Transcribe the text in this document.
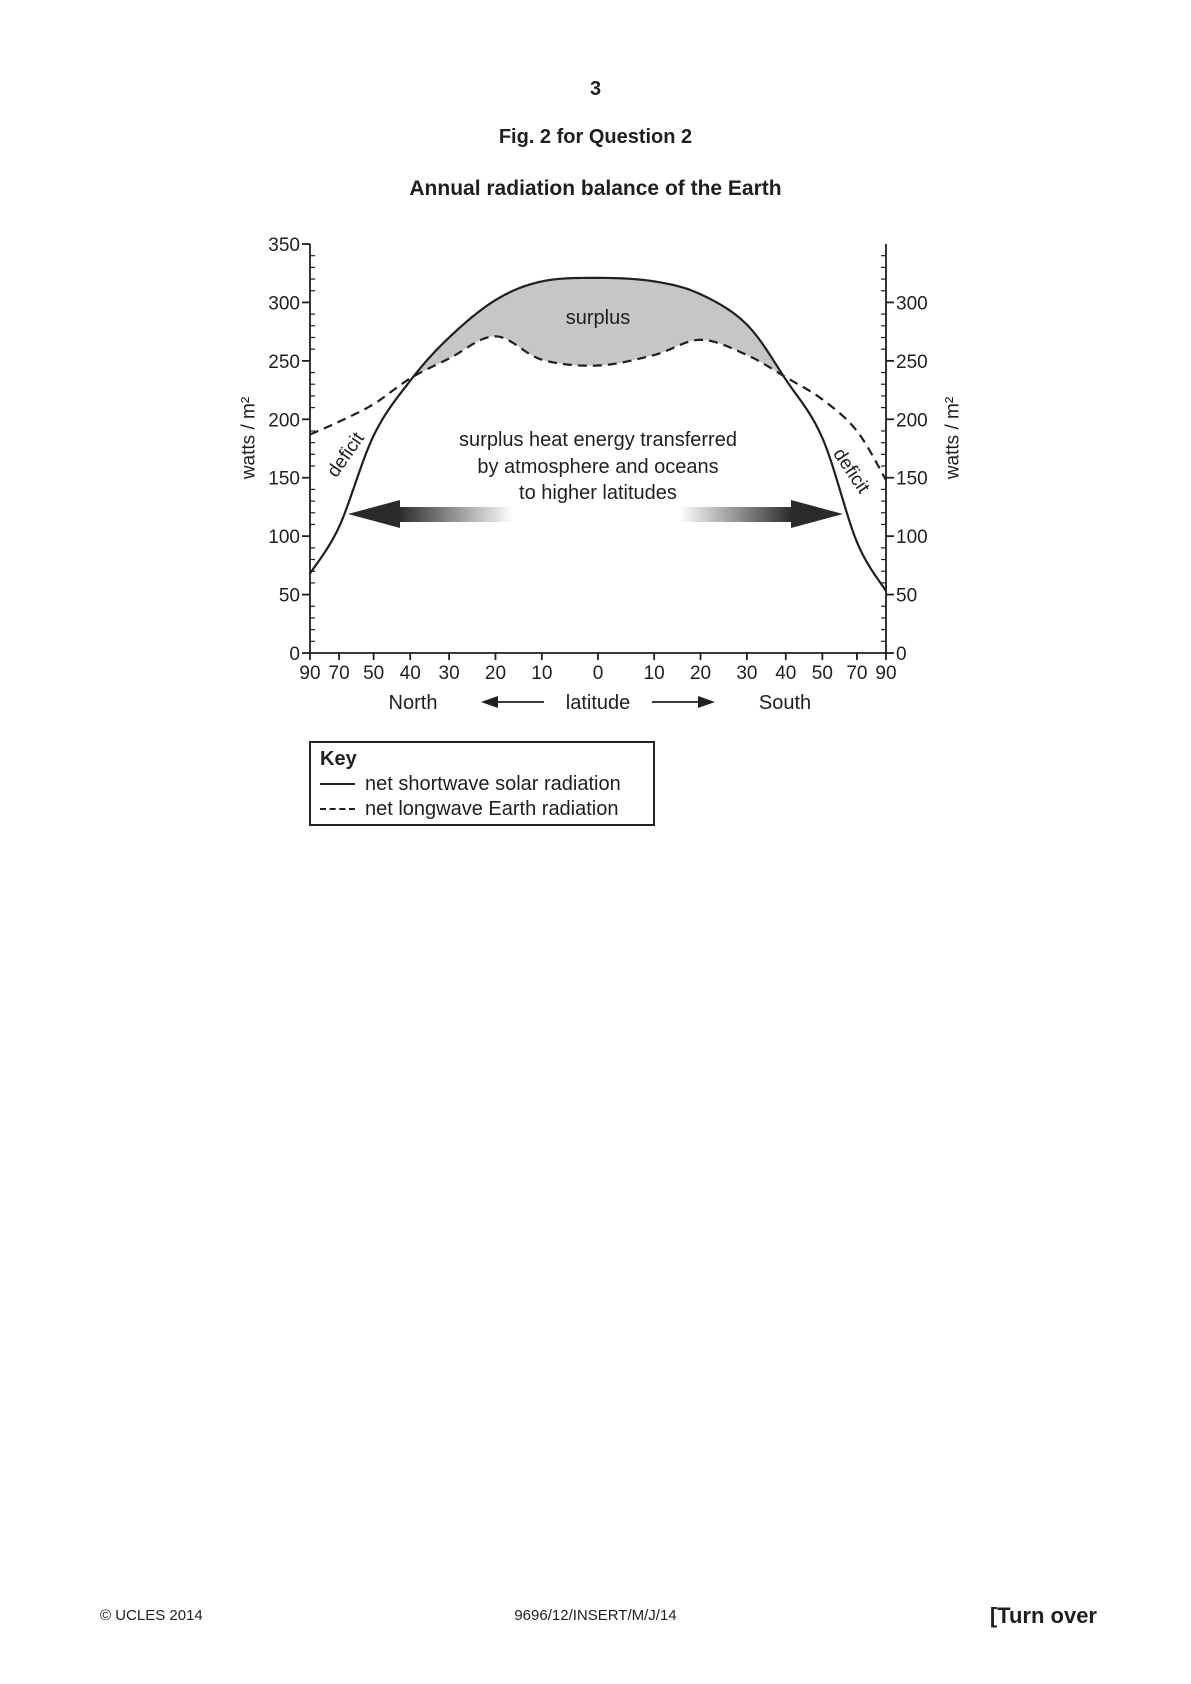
3
Fig. 2 for Question 2
Annual radiation balance of the Earth
0
50
100
150
200
250
300
350
0
50
100
150
200
250
300
90 70 50 40 30 20 10 0 10 20 30 40 50 70 90
watts / m²	watts / m²
North	latitude	South
surplus
surplus heat energy transferred
by atmosphere and oceans
to higher latitudes
deficit	deficit
Key
net shortwave solar radiation
net longwave Earth radiation
© UCLES 2014	9696/12/INSERT/M/J/14	[Turn over
